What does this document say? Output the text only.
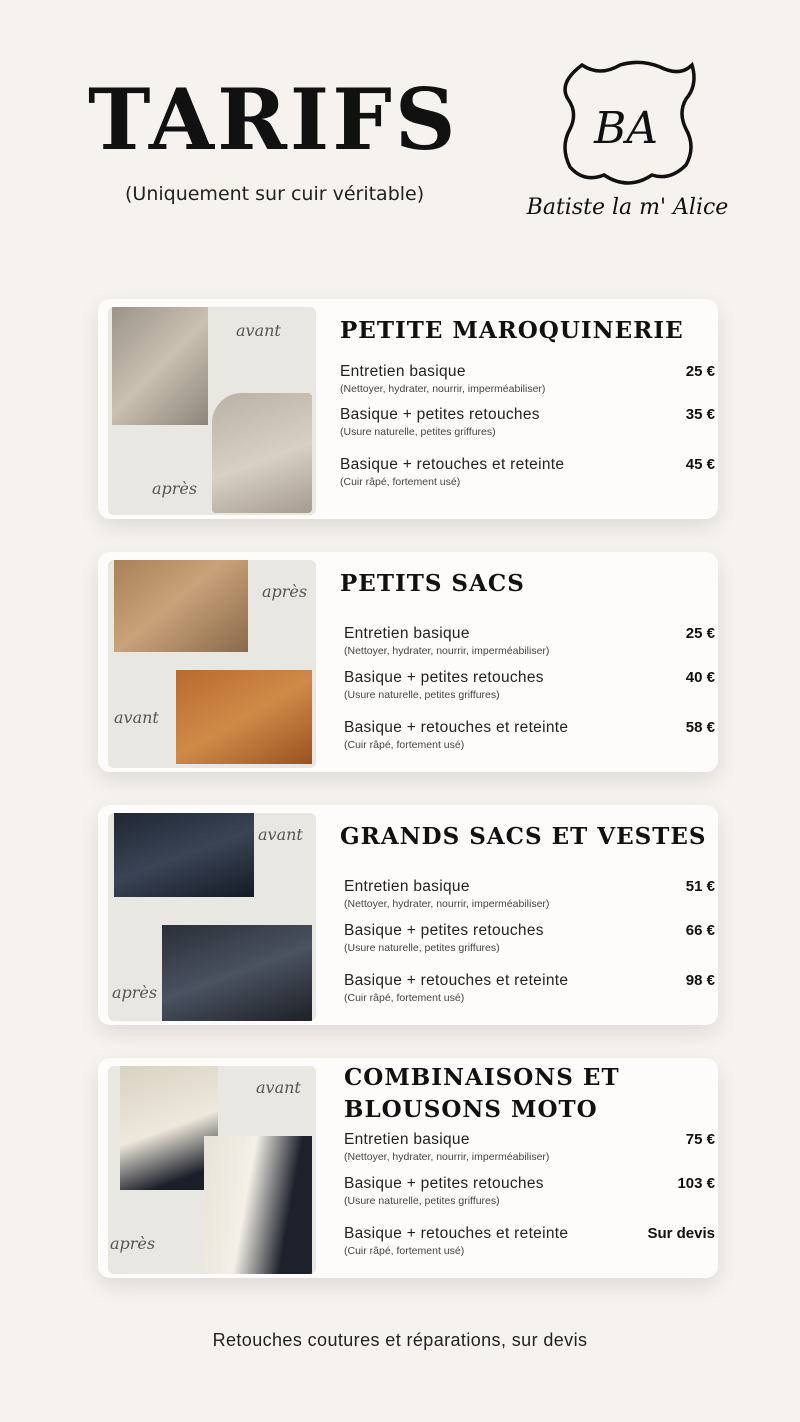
TARIFS
(Uniquement sur cuir véritable)
BA
Batiste la m' Alice
avant
après
PETITE MAROQUINERIE
Entretien basique
(Nettoyer, hydrater, nourrir, imperméabiliser)
25 €
Basique + petites retouches
(Usure naturelle, petites griffures)
35 €
Basique + retouches et reteinte
(Cuir râpé, fortement usé)
45 €
après
avant
PETITS SACS
Entretien basique
(Nettoyer, hydrater, nourrir, imperméabiliser)
25 €
Basique + petites retouches
(Usure naturelle, petites griffures)
40 €
Basique + retouches et reteinte
(Cuir râpé, fortement usé)
58 €
avant
après
GRANDS SACS ET VESTES
Entretien basique
(Nettoyer, hydrater, nourrir, imperméabiliser)
51 €
Basique + petites retouches
(Usure naturelle, petites griffures)
66 €
Basique + retouches et reteinte
(Cuir râpé, fortement usé)
98 €
avant
après
COMBINAISONS ET
BLOUSONS MOTO
Entretien basique
(Nettoyer, hydrater, nourrir, imperméabiliser)
75 €
Basique + petites retouches
(Usure naturelle, petites griffures)
103 €
Basique + retouches et reteinte
(Cuir râpé, fortement usé)
Sur devis
Retouches coutures et réparations, sur devis
